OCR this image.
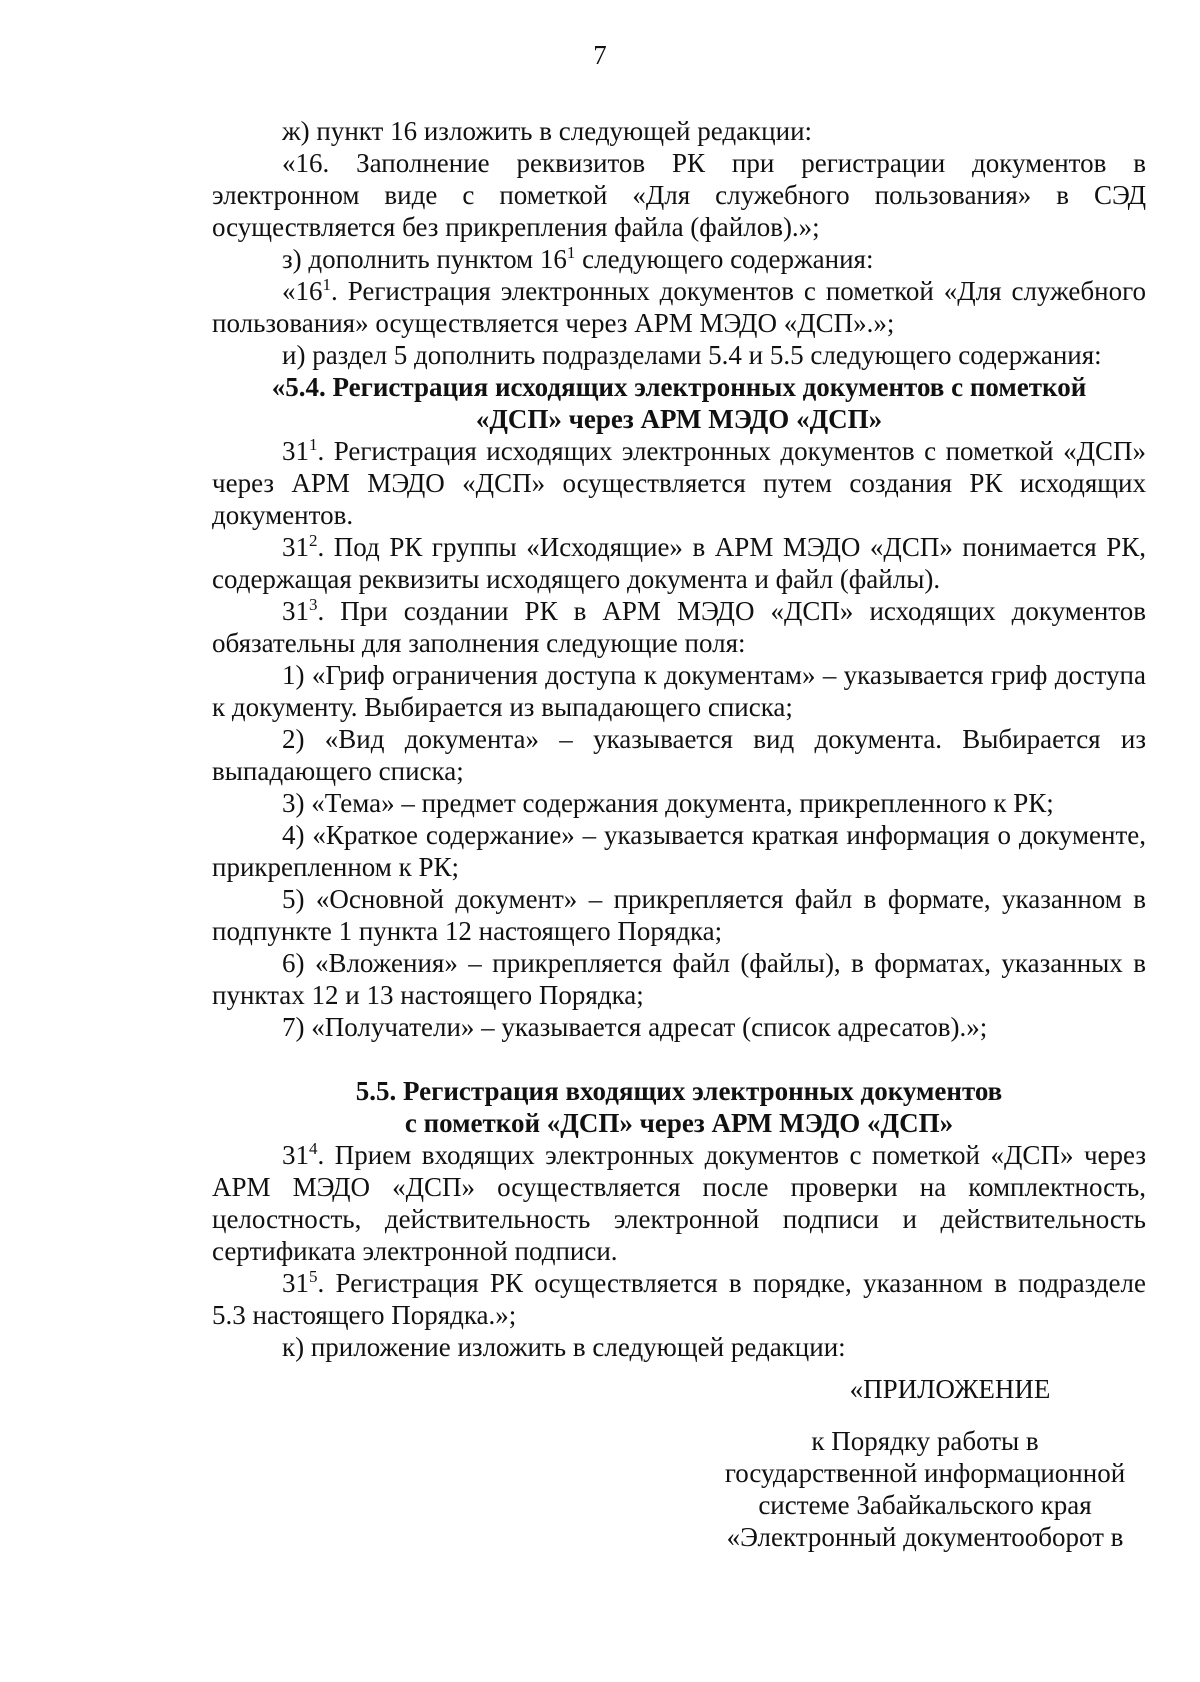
7

ж) пункт 16 изложить в следующей редакции:

«16. Заполнение реквизитов РК при регистрации документов в электронном виде с пометкой «Для служебного пользования» в СЭД осуществляется без прикрепления файла (файлов).»;

з) дополнить пунктом $16^1$ следующего содержания:

«$16^1$. Регистрация электронных документов с пометкой «Для служебного пользования» осуществляется через АРМ МЭДО «ДСП».»;

и) раздел 5 дополнить подразделами 5.4 и 5.5 следующего содержания:

«5.4. Регистрация исходящих электронных документов с пометкой
«ДСП» через АРМ МЭДО «ДСП»

$31^1$. Регистрация исходящих электронных документов с пометкой «ДСП» через АРМ МЭДО «ДСП» осуществляется путем создания РК исходящих документов.

$31^2$. Под РК группы «Исходящие» в АРМ МЭДО «ДСП» понимается РК, содержащая реквизиты исходящего документа и файл (файлы).

$31^3$. При создании РК в АРМ МЭДО «ДСП» исходящих документов обязательны для заполнения следующие поля:

1) «Гриф ограничения доступа к документам» – указывается гриф доступа к документу. Выбирается из выпадающего списка;

2) «Вид документа» – указывается вид документа. Выбирается из выпадающего списка;

3) «Тема» – предмет содержания документа, прикрепленного к РК;

4) «Краткое содержание» – указывается краткая информация о документе, прикрепленном к РК;

5) «Основной документ» – прикрепляется файл в формате, указанном в подпункте 1 пункта 12 настоящего Порядка;

6) «Вложения» – прикрепляется файл (файлы), в форматах, указанных в пунктах 12 и 13 настоящего Порядка;

7) «Получатели» – указывается адресат (список адресатов).»;

5.5. Регистрация входящих электронных документов
с пометкой «ДСП» через АРМ МЭДО «ДСП»

$31^4$. Прием входящих электронных документов с пометкой «ДСП» через АРМ МЭДО «ДСП» осуществляется после проверки на комплектность, целостность, действительность электронной подписи и действительность сертификата электронной подписи.

$31^5$. Регистрация РК осуществляется в порядке, указанном в подразделе 5.3 настоящего Порядка.»;

к) приложение изложить в следующей редакции:

«ПРИЛОЖЕНИЕ
к Порядку работы в
государственной информационной
системе Забайкальского края
«Электронный документооборот в
